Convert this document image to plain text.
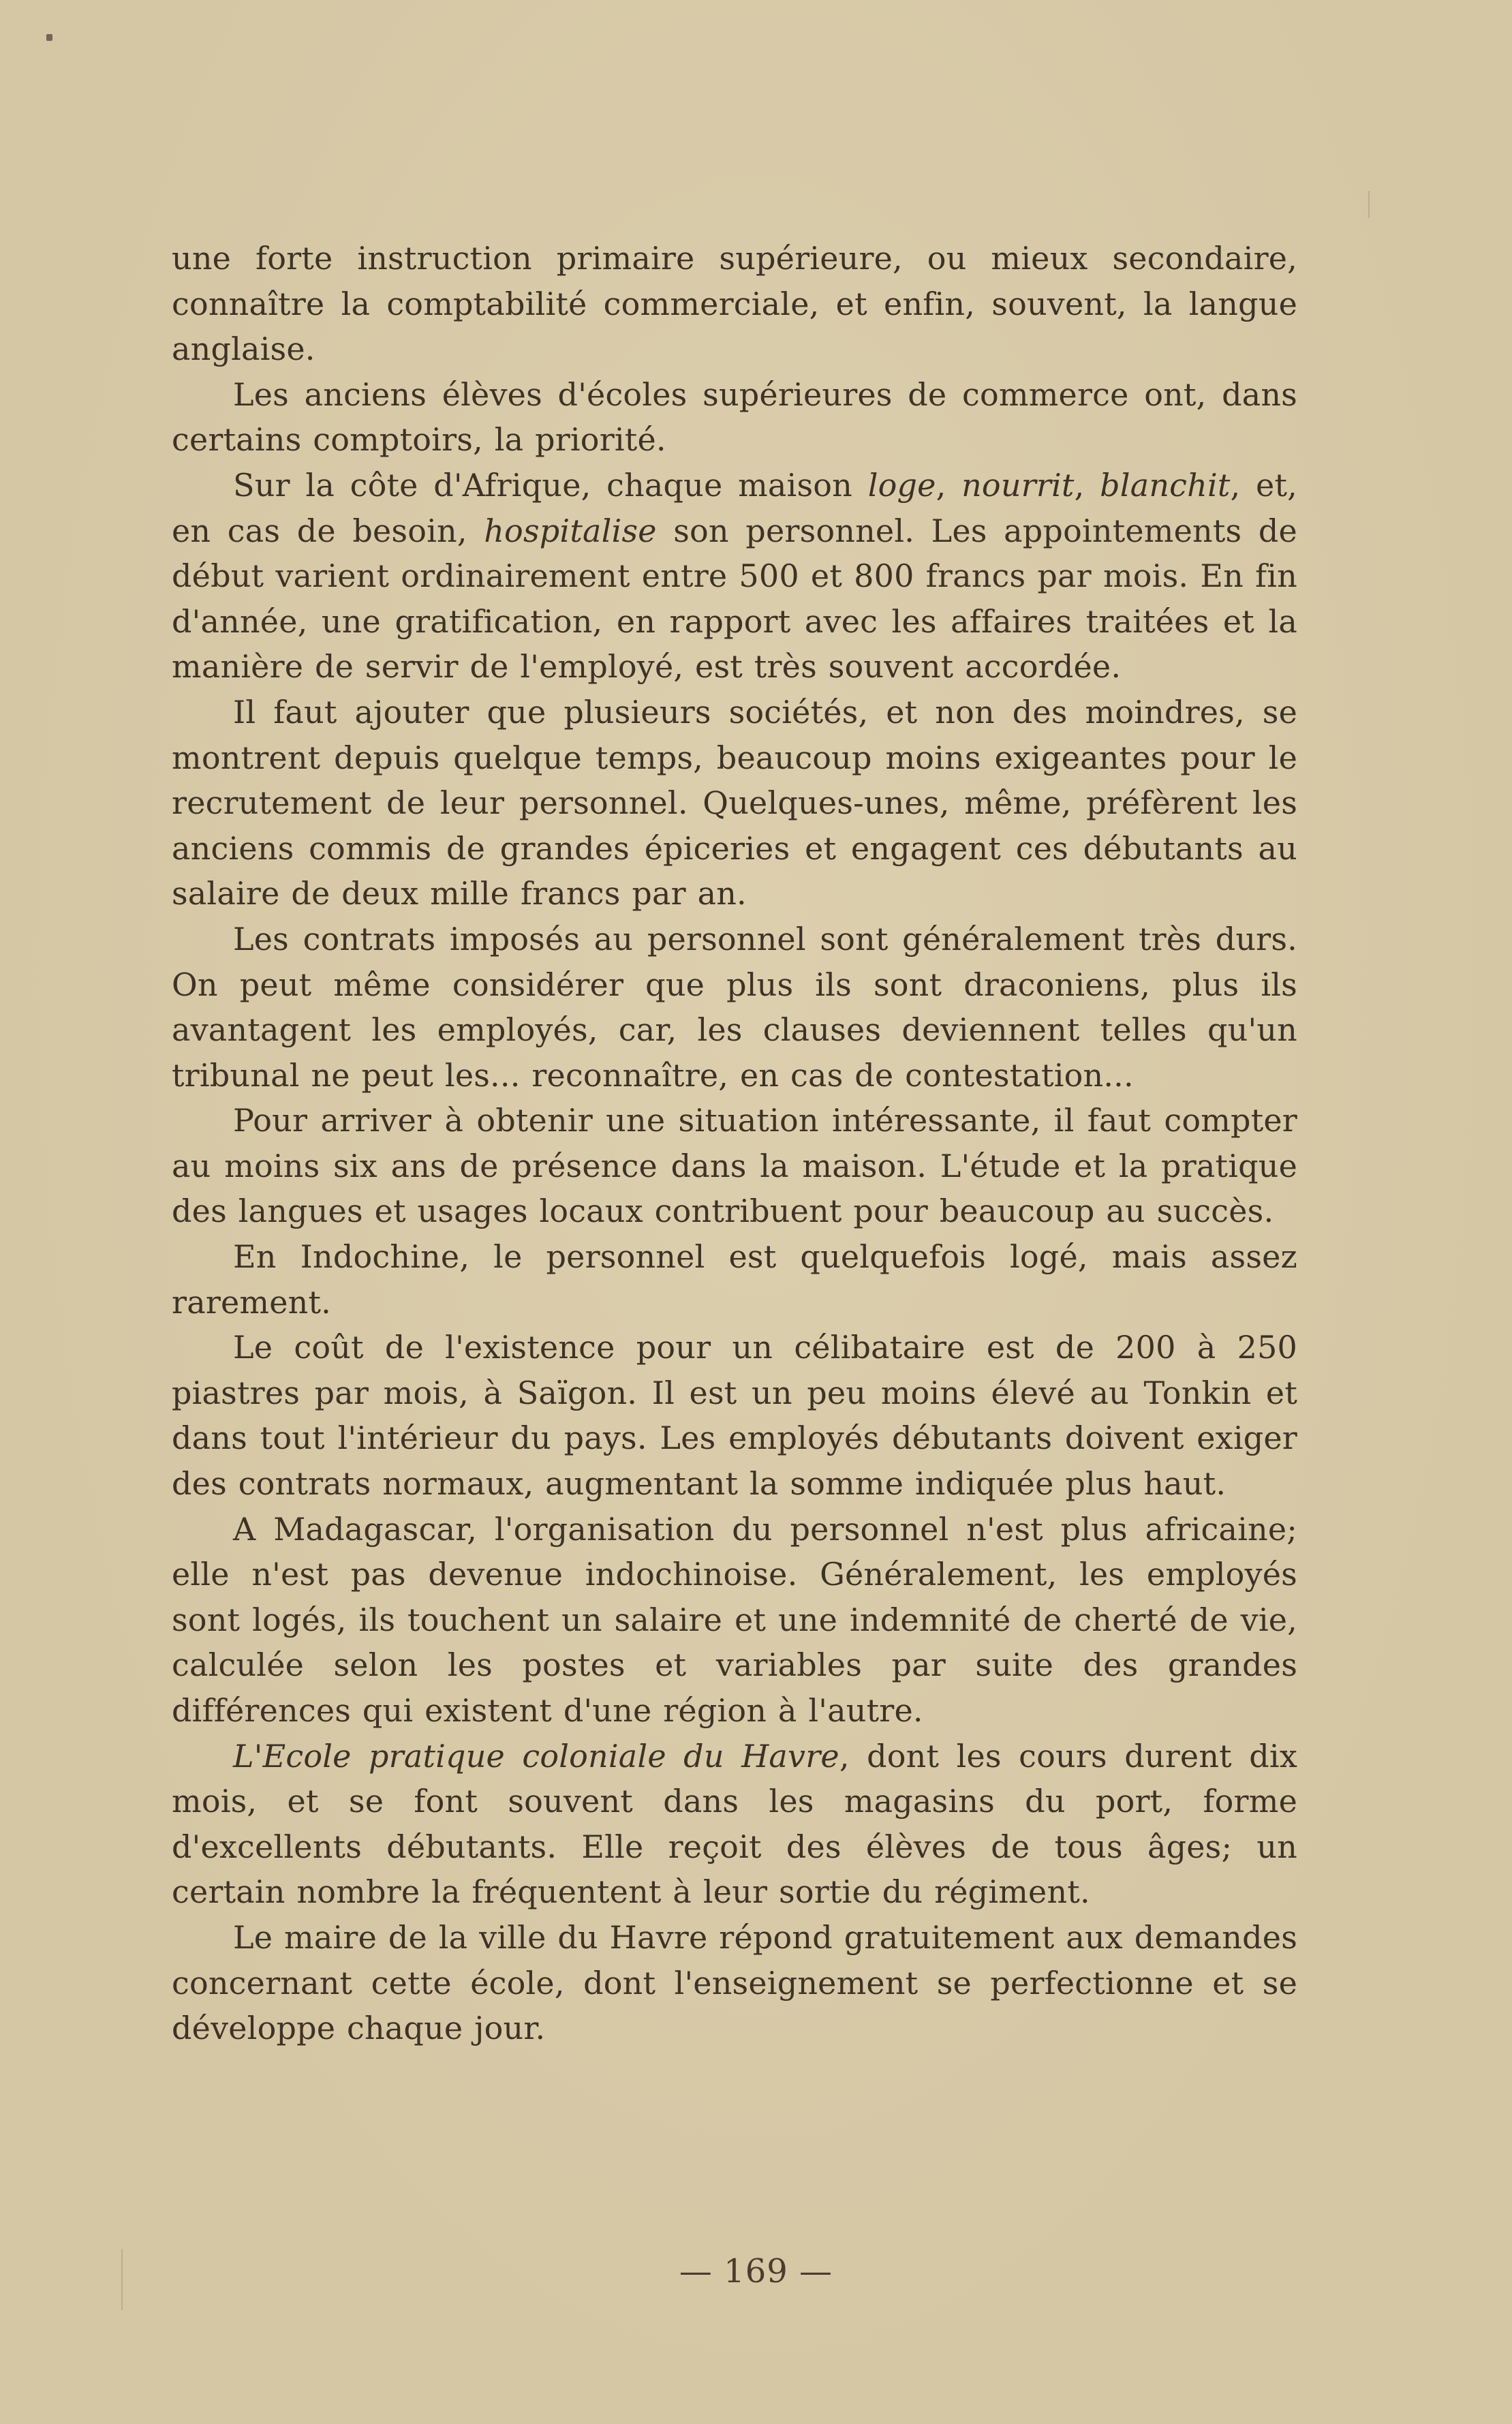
une forte instruction primaire supérieure, ou mieux secondaire, connaître la comptabilité commerciale, et enfin, souvent, la langue anglaise.

Les anciens élèves d'écoles supérieures de commerce ont, dans certains comptoirs, la priorité.

Sur la côte d'Afrique, chaque maison loge, nourrit, blanchit, et, en cas de besoin, hospitalise son personnel. Les appointements de début varient ordinairement entre 500 et 800 francs par mois. En fin d'année, une gratification, en rapport avec les affaires traitées et la manière de servir de l'employé, est très souvent accordée.

Il faut ajouter que plusieurs sociétés, et non des moindres, se montrent depuis quelque temps, beaucoup moins exigeantes pour le recrutement de leur personnel. Quelques-unes, même, préfèrent les anciens commis de grandes épiceries et engagent ces débutants au salaire de deux mille francs par an.

Les contrats imposés au personnel sont généralement très durs. On peut même considérer que plus ils sont draconiens, plus ils avantagent les employés, car, les clauses deviennent telles qu'un tribunal ne peut les... reconnaître, en cas de contestation...

Pour arriver à obtenir une situation intéressante, il faut compter au moins six ans de présence dans la maison. L'étude et la pratique des langues et usages locaux contribuent pour beaucoup au succès.

En Indochine, le personnel est quelquefois logé, mais assez rarement.

Le coût de l'existence pour un célibataire est de 200 à 250 piastres par mois, à Saïgon. Il est un peu moins élevé au Tonkin et dans tout l'intérieur du pays. Les employés débutants doivent exiger des contrats normaux, augmentant la somme indiquée plus haut.

A Madagascar, l'organisation du personnel n'est plus africaine; elle n'est pas devenue indochinoise. Généralement, les employés sont logés, ils touchent un salaire et une indemnité de cherté de vie, calculée selon les postes et variables par suite des grandes différences qui existent d'une région à l'autre.

L'Ecole pratique coloniale du Havre, dont les cours durent dix mois, et se font souvent dans les magasins du port, forme d'excellents débutants. Elle reçoit des élèves de tous âges; un certain nombre la fréquentent à leur sortie du régiment.

Le maire de la ville du Havre répond gratuitement aux demandes concernant cette école, dont l'enseignement se perfectionne et se développe chaque jour.

— 169 —
